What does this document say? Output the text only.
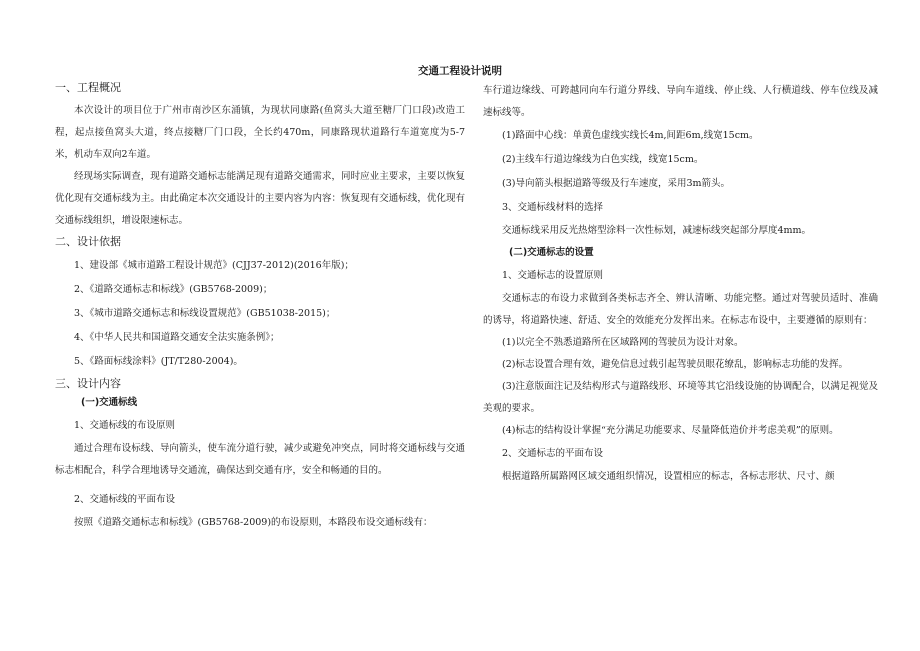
交通工程设计说明
一、工程概况

本次设计的项目位于广州市南沙区东涌镇，为现状同康路(鱼窝头大道至糖厂门口段)改造工程，起点接鱼窝头大道，终点接糖厂门口段，全长约470m，同康路现状道路行车道宽度为5-7米，机动车双向2车道。

经现场实际调查，现有道路交通标志能满足现有道路交通需求，同时应业主要求，主要以恢复优化现有交通标线为主。由此确定本次交通设计的主要内容为内容：恢复现有交通标线，优化现有交通标线组织，增设限速标志。

二、设计依据

1、建设部《城市道路工程设计规范》(CJJ37-2012)(2016年版)；

2、《道路交通标志和标线》(GB5768-2009)；

3、《城市道路交通标志和标线设置规范》(GB51038-2015)；

4、《中华人民共和国道路交通安全法实施条例》；

5、《路面标线涂料》(JT/T280-2004)。

三、设计内容
(一)交通标线

1、交通标线的布设原则

通过合理布设标线、导向箭头，使车流分道行驶，减少或避免冲突点，同时将交通标线与交通标志相配合，科学合理地诱导交通流，确保达到交通有序，安全和畅通的目的。

2、交通标线的平面布设

按照《道路交通标志和标线》(GB5768-2009)的布设原则，本路段布设交通标线有：

车行道边缘线、可跨越同向车行道分界线、导向车道线、停止线、人行横道线、停车位线及减速标线等。

(1)路面中心线：单黄色虚线实线长4m,间距6m,线宽15cm。

(2)主线车行道边缘线为白色实线，线宽15cm。

(3)导向箭头根据道路等级及行车速度，采用3m箭头。

3、交通标线材料的选择

交通标线采用反光热熔型涂料一次性标划，减速标线突起部分厚度4mm。

(二)交通标志的设置

1、交通标志的设置原则

交通标志的布设力求做到各类标志齐全、辨认清晰、功能完整。通过对驾驶员适时、准确的诱导，将道路快速、舒适、安全的效能充分发挥出来。在标志布设中，主要遵循的原则有：

(1)以完全不熟悉道路所在区域路网的驾驶员为设计对象。

(2)标志设置合理有效，避免信息过载引起驾驶员眼花缭乱，影响标志功能的发挥。

(3)注意版面注记及结构形式与道路线形、环境等其它沿线设施的协调配合，以满足视觉及美观的要求。

(4)标志的结构设计掌握“充分满足功能要求、尽量降低造价并考虑美观”的原则。

2、交通标志的平面布设

根据道路所属路网区域交通组织情况，设置相应的标志，各标志形状、尺寸、颜
